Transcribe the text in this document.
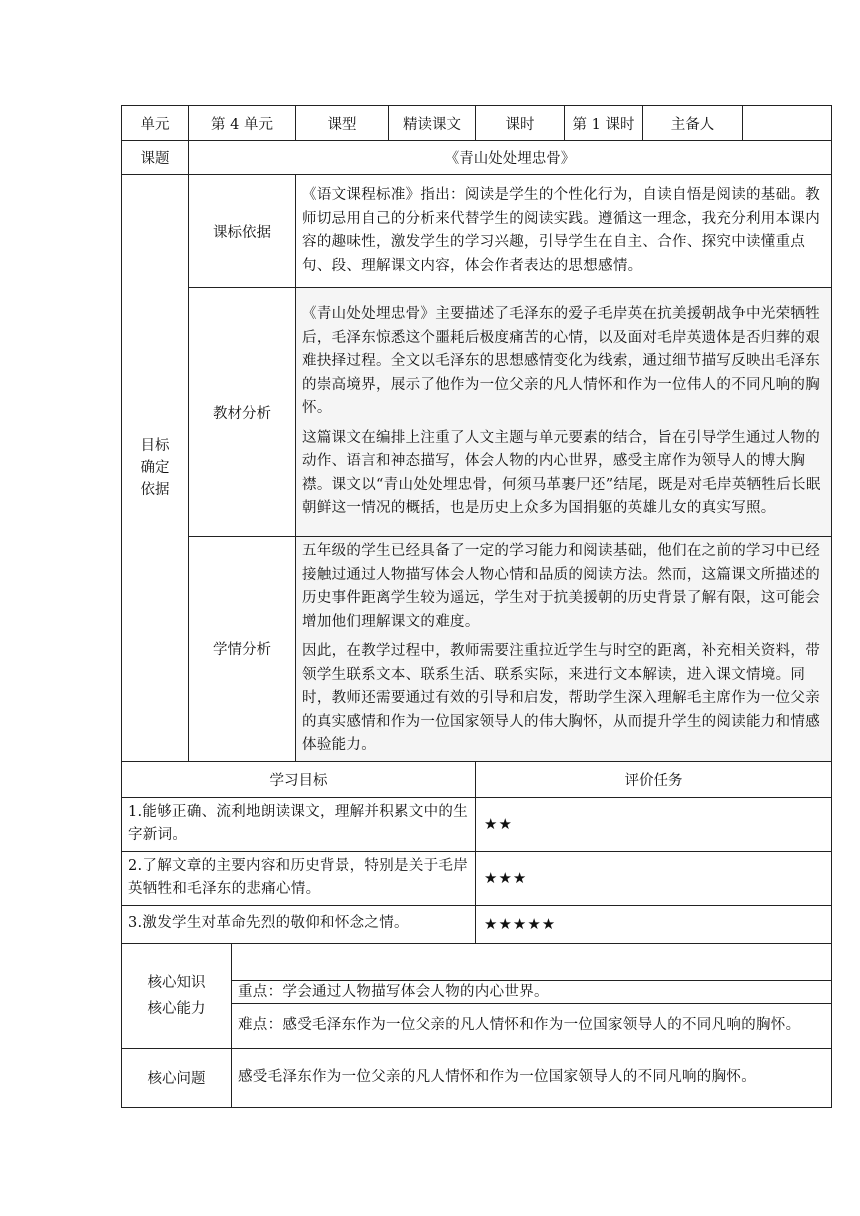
单元	第 4 单元		课型	精读课文	课时	第 1 课时	主备人	
课题	《青山处处埋忠骨》							

目标
确定
依据	课标依据		《语文课程标准》指出：阅读是学生的个性化行为，自读自悟是阅读的基础。教师切忌用自己的分析来代替学生的阅读实践。遵循这一理念，我充分利用本课内容的趣味性，激发学生的学习兴趣，引导学生在自主、合作、探究中读懂重点句、段、理解课文内容，体会作者表达的思想感情。					
	教材分析		《青山处处埋忠骨》主要描述了毛泽东的爱子毛岸英在抗美援朝战争中光荣牺牲后，毛泽东惊悉这个噩耗后极度痛苦的心情，以及面对毛岸英遗体是否归葬的艰难抉择过程。全文以毛泽东的思想感情变化为线索，通过细节描写反映出毛泽东的崇高境界，展示了他作为一位父亲的凡人情怀和作为一位伟人的不同凡响的胸怀。
这篇课文在编排上注重了人文主题与单元要素的结合，旨在引导学生通过人物的动作、语言和神态描写，体会人物的内心世界，感受主席作为领导人的博大胸襟。课文以“青山处处埋忠骨，何须马革裹尸还”结尾，既是对毛岸英牺牲后长眠朝鲜这一情况的概括，也是历史上众多为国捐躯的英雄儿女的真实写照。					

	学情分析		五年级的学生已经具备了一定的学习能力和阅读基础，他们在之前的学习中已经接触过通过人物描写体会人物心情和品质的阅读方法。然而，这篇课文所描述的历史事件距离学生较为遥远，学生对于抗美援朝的历史背景了解有限，这可能会增加他们理解课文的难度。
因此，在教学过程中，教师需要注重拉近学生与时空的距离，补充相关资料，带领学生联系文本、联系生活、联系实际，来进行文本解读，进入课文情境。同时，教师还需要通过有效的引导和启发，帮助学生深入理解毛主席作为一位父亲的真实感情和作为一位国家领导人的伟大胸怀，从而提升学生的阅读能力和情感体验能力。					

学习目标					评价任务			
1.能够正确、流利地朗读课文，理解并积累文中的生字新词。					★★			
2.了解文章的主要内容和历史背景，特别是关于毛岸英牺牲和毛泽东的悲痛心情。					★★★			
3.激发学生对革命先烈的敬仰和怀念之情。					★★★★★			

核心知识
核心能力								

		重点：学会通过人物描写体会人物的内心世界。						
		难点：感受毛泽东作为一位父亲的凡人情怀和作为一位国家领导人的不同凡响的胸怀。						
核心问题		感受毛泽东作为一位父亲的凡人情怀和作为一位国家领导人的不同凡响的胸怀。						
